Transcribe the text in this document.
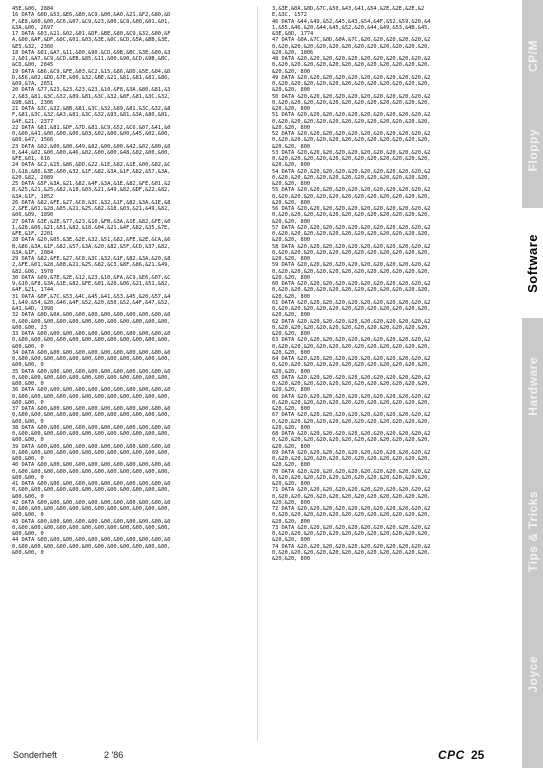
45E,&00, 2884
16 DATA &0D,&53,&E6,&80,&C9,&00,&A0,&21,&F2,&80,&D
F,&E8,&00,&00,&C6,&07,&C9,&23,&00,&C8,&00,&01,&01,
&3A,&00, 2697
17 DATA &03,&21,&02,&01,&DF,&BE,&80,&C9,&32,&00,&F
A,&00,&AF,&DF,&0C,&01,&03,&3E,&0C,&CD,&5A,&BB,&3E,
&E5,&32, 2360
18 DATA &01,&A7,&11,&00,&90,&CD,&9B,&BC,&3E,&00,&3
2,&01,&A7,&C9,&CD,&EB,&85,&11,&00,&90,&CD,&9B,&BC,
&CD,&00, 2845
19 DATA &86,&C9,&FE,&03,&C2,&15,&86,&DD,&5E,&04,&D
D,&56,&02,&DD,&7E,&00,&32,&BE,&21,&81,&81,&81,&86,
&09,&7A, 2651
20 DATA &77,&23,&23,&23,&23,&10,&F8,&3A,&80,&81,&3
2,&83,&81,&3C,&32,&89,&81,&3C,&32,&8F,&81,&3C,&32,
&9B,&81, 2306
21 DATA &3C,&32,&8B,&81,&3C,&32,&89,&81,&3C,&32,&8
F,&81,&3C,&32,&A3,&81,&3C,&32,&93,&81,&3A,&80,&81,
&4F,&21, 2377
22 DATA &81,&81,&DF,&7D,&81,&C9,&52,&C6,&07,&41,&0
0,&00,&41,&00,&00,&00,&03,&02,&00,&00,&45,&02,&00,
&00,&47, 1566
23 DATA &02,&00,&00,&49,&02,&00,&00,&42,&02,&00,&0
0,&44,&02,&00,&00,&46,&02,&00,&00,&48,&02,&00,&00,
&FE,&01, 616
24 DATA &C2,&15,&86,&DD,&22,&1E,&82,&1E,&00,&82,&C
D,&18,&86,&3E,&00,&32,&1F,&82,&3A,&1F,&82,&57,&3A,
&20,&82, 2089
25 DATA &5F,&3A,&21,&82,&4F,&3A,&1E,&82,&FE,&01,&2
8,&25,&21,&25,&82,&18,&03,&21,&49,&82,&DF,&22,&82,
&3A,&1F, 1852
26 DATA &82,&FE,&27,&C8,&3C,&32,&1F,&82,&3A,&1E,&8
2,&FE,&01,&28,&05,&21,&25,&82,&18,&03,&21,&49,&82,
&06,&09, 1890
27 DATA &3E,&2E,&77,&23,&10,&FB,&3A,&1E,&82,&FE,&0
1,&28,&06,&21,&51,&82,&18,&04,&21,&4F,&82,&35,&7E,
&FE,&1F, 2201
28 DATA &20,&05,&3E,&2E,&32,&51,&82,&FE,&2E,&CA,&6
B,&86,&3A,&1F,&82,&57,&3A,&20,&82,&5F,&CD,&37,&82,
&3A,&1F, 2084
29 DATA &82,&FE,&27,&C8,&3C,&32,&1F,&82,&3A,&20,&8
2,&FE,&01,&28,&08,&21,&25,&82,&C3,&8F,&86,&21,&49,
&82,&06, 1978
30 DATA &09,&7E,&2E,&12,&23,&10,&FA,&C9,&E6,&07,&C
9,&10,&F8,&3A,&1E,&82,&FE,&01,&28,&06,&21,&51,&82,
&4F,&21, 1744
31 DATA &0F,&7C,&53,&4C,&45,&41,&53,&45,&20,&57,&4
1,&49,&54,&20,&46,&4F,&52,&20,&50,&52,&4F,&47,&52,
&41,&4D, 1998
32 DATA &0D,&0A,&00,&00,&00,&00,&00,&00,&00,&00,&0
0,&00,&00,&00,&00,&00,&00,&00,&00,&00,&00,&00,&00,
&00,&00, 23
33 DATA &00,&00,&00,&00,&00,&00,&00,&00,&00,&00,&0
0,&00,&00,&00,&00,&00,&00,&00,&00,&00,&00,&00,&00,
&00,&00, 0
34 DATA &00,&00,&00,&00,&00,&00,&00,&00,&00,&00,&0
0,&00,&00,&00,&00,&00,&00,&00,&00,&00,&00,&00,&00,
&00,&00, 0
35 DATA &00,&00,&00,&00,&00,&00,&00,&00,&00,&00,&0
0,&00,&00,&00,&00,&00,&00,&00,&00,&00,&00,&00,&00,
&00,&00, 0
36 DATA &00,&00,&00,&00,&00,&00,&00,&00,&00,&00,&0
0,&00,&00,&00,&00,&00,&00,&00,&00,&00,&00,&00,&00,
&00,&00, 0
37 DATA &00,&00,&00,&00,&00,&00,&00,&00,&00,&00,&0
0,&00,&00,&00,&00,&00,&00,&00,&00,&00,&00,&00,&00,
&00,&00, 0
38 DATA &00,&00,&00,&00,&00,&00,&00,&00,&00,&00,&0
0,&00,&00,&00,&00,&00,&00,&00,&00,&00,&00,&00,&00,
&00,&00, 0
39 DATA &00,&00,&00,&00,&00,&00,&00,&00,&00,&00,&0
0,&00,&00,&00,&00,&00,&00,&00,&00,&00,&00,&00,&00,
&00,&00, 0
40 DATA &00,&00,&00,&00,&00,&00,&00,&00,&00,&00,&0
0,&00,&00,&00,&00,&00,&00,&00,&00,&00,&00,&00,&00,
&00,&00, 0
41 DATA &00,&00,&00,&00,&00,&00,&00,&00,&00,&00,&0
0,&00,&00,&00,&00,&00,&00,&00,&00,&00,&00,&00,&00,
&00,&00, 0
42 DATA &00,&00,&00,&00,&00,&00,&00,&00,&00,&00,&0
0,&00,&00,&00,&00,&00,&00,&00,&00,&00,&00,&00,&00,
&00,&00, 0
43 DATA &00,&00,&00,&00,&00,&00,&00,&00,&00,&00,&0
0,&00,&00,&00,&00,&00,&00,&00,&00,&00,&00,&00,&00,
&00,&00, 0
44 DATA &00,&00,&00,&00,&00,&00,&00,&00,&00,&00,&0
0,&00,&00,&00,&00,&00,&00,&00,&00,&00,&00,&00,&00,
&00,&00, 0
3,&3E,&0A,&0D,&7C,&50,&43,&41,&54,&2E,&2E,&2E,&2
E,&3C, 1572
46 DATA &44,&49,&52,&45,&43,&54,&4F,&52,&59,&20,&4
1,&55,&46,&20,&44,&45,&52,&20,&44,&49,&53,&4B,&45,
&3E,&0D, 1774
47 DATA &0A,&7C,&0D,&0A,&7C,&20,&20,&20,&20,&20,&2
0,&20,&20,&20,&20,&20,&20,&20,&20,&20,&20,&20,&20,
&20,&20, 1806
48 DATA &20,&20,&20,&20,&20,&20,&20,&20,&20,&20,&2
0,&20,&20,&20,&20,&20,&20,&20,&20,&20,&20,&20,&20,
&20,&20, 800
49 DATA &20,&20,&20,&20,&20,&20,&20,&20,&20,&20,&2
0,&20,&20,&20,&20,&20,&20,&20,&20,&20,&20,&20,&20,
&20,&20, 800
50 DATA &20,&20,&20,&20,&20,&20,&20,&20,&20,&20,&2
0,&20,&20,&20,&20,&20,&20,&20,&20,&20,&20,&20,&20,
&20,&20, 800
51 DATA &20,&20,&20,&20,&20,&20,&20,&20,&20,&20,&2
0,&20,&20,&20,&20,&20,&20,&20,&20,&20,&20,&20,&20,
&20,&20, 800
52 DATA &20,&20,&20,&20,&20,&20,&20,&20,&20,&20,&2
0,&20,&20,&20,&20,&20,&20,&20,&20,&20,&20,&20,&20,
&20,&20, 800
53 DATA &20,&20,&20,&20,&20,&20,&20,&20,&20,&20,&2
0,&20,&20,&20,&20,&20,&20,&20,&20,&20,&20,&20,&20,
&20,&20, 800
54 DATA &20,&20,&20,&20,&20,&20,&20,&20,&20,&20,&2
0,&20,&20,&20,&20,&20,&20,&20,&20,&20,&20,&20,&20,
&20,&20, 800
55 DATA &20,&20,&20,&20,&20,&20,&20,&20,&20,&20,&2
0,&20,&20,&20,&20,&20,&20,&20,&20,&20,&20,&20,&20,
&20,&20, 800
56 DATA &20,&20,&20,&20,&20,&20,&20,&20,&20,&20,&2
0,&20,&20,&20,&20,&20,&20,&20,&20,&20,&20,&20,&20,
&20,&20, 800
57 DATA &20,&20,&20,&20,&20,&20,&20,&20,&20,&20,&2
0,&20,&20,&20,&20,&20,&20,&20,&20,&20,&20,&20,&20,
&20,&20, 800
58 DATA &20,&20,&20,&20,&20,&20,&20,&20,&20,&20,&2
0,&20,&20,&20,&20,&20,&20,&20,&20,&20,&20,&20,&20,
&20,&20, 800
59 DATA &20,&20,&20,&20,&20,&20,&20,&20,&20,&20,&2
0,&20,&20,&20,&20,&20,&20,&20,&20,&20,&20,&20,&20,
&20,&20, 800
60 DATA &20,&20,&20,&20,&20,&20,&20,&20,&20,&20,&2
0,&20,&20,&20,&20,&20,&20,&20,&20,&20,&20,&20,&20,
&20,&20, 800
61 DATA &20,&20,&20,&20,&20,&20,&20,&20,&20,&20,&2
0,&20,&20,&20,&20,&20,&20,&20,&20,&20,&20,&20,&20,
&20,&20, 800
62 DATA &20,&20,&20,&20,&20,&20,&20,&20,&20,&20,&2
0,&20,&20,&20,&20,&20,&20,&20,&20,&20,&20,&20,&20,
&20,&20, 800
63 DATA &20,&20,&20,&20,&20,&20,&20,&20,&20,&20,&2
0,&20,&20,&20,&20,&20,&20,&20,&20,&20,&20,&20,&20,
&20,&20, 800
64 DATA &20,&20,&20,&20,&20,&20,&20,&20,&20,&20,&2
0,&20,&20,&20,&20,&20,&20,&20,&20,&20,&20,&20,&20,
&20,&20, 800
65 DATA &20,&20,&20,&20,&20,&20,&20,&20,&20,&20,&2
0,&20,&20,&20,&20,&20,&20,&20,&20,&20,&20,&20,&20,
&20,&20, 800
66 DATA &20,&20,&20,&20,&20,&20,&20,&20,&20,&20,&2
0,&20,&20,&20,&20,&20,&20,&20,&20,&20,&20,&20,&20,
&20,&20, 800
67 DATA &20,&20,&20,&20,&20,&20,&20,&20,&20,&20,&2
0,&20,&20,&20,&20,&20,&20,&20,&20,&20,&20,&20,&20,
&20,&20, 800
68 DATA &20,&20,&20,&20,&20,&20,&20,&20,&20,&20,&2
0,&20,&20,&20,&20,&20,&20,&20,&20,&20,&20,&20,&20,
&20,&20, 800
69 DATA &20,&20,&20,&20,&20,&20,&20,&20,&20,&20,&2
0,&20,&20,&20,&20,&20,&20,&20,&20,&20,&20,&20,&20,
&20,&20, 800
70 DATA &20,&20,&20,&20,&20,&20,&20,&20,&20,&20,&2
0,&20,&20,&20,&20,&20,&20,&20,&20,&20,&20,&20,&20,
&20,&20, 800
71 DATA &20,&20,&20,&20,&20,&20,&20,&20,&20,&20,&2
0,&20,&20,&20,&20,&20,&20,&20,&20,&20,&20,&20,&20,
&20,&20, 800
72 DATA &20,&20,&20,&20,&20,&20,&20,&20,&20,&20,&2
0,&20,&20,&20,&20,&20,&20,&20,&20,&20,&20,&20,&20,
&20,&20, 800
73 DATA &20,&20,&20,&20,&20,&20,&20,&20,&20,&20,&2
0,&20,&20,&20,&20,&20,&20,&20,&20,&20,&20,&20,&20,
&20,&20, 800
74 DATA &20,&20,&20,&20,&20,&20,&20,&20,&20,&20,&2
0,&20,&20,&20,&20,&20,&20,&20,&20,&20,&20,&20,&20,
&20,&20, 800
CP/M
Floppy
Software
Hardware
Tips & Tricks
Joyce
Sonderheft	2 '86	CPC 25
